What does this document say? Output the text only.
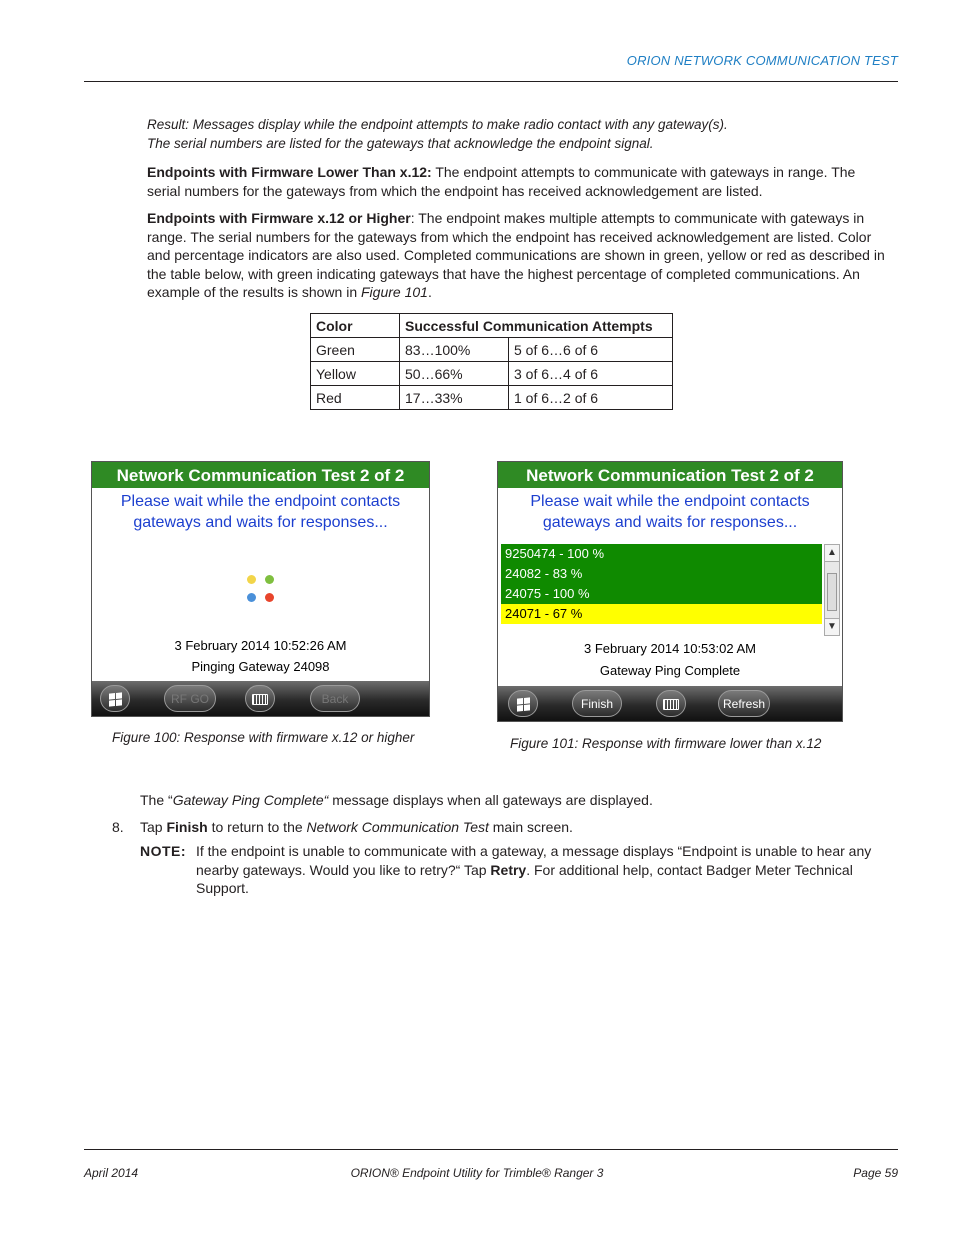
ORION NETWORK COMMUNICATION TEST
Result: Messages display while the endpoint attempts to make radio contact with any gateway(s).
The serial numbers are listed for the gateways that acknowledge the endpoint signal.
Endpoints with Firmware Lower Than x.12: The endpoint attempts to communicate with gateways in range. The serial numbers for the gateways from which the endpoint has received acknowledgement are listed.
Endpoints with Firmware x.12 or Higher: The endpoint makes multiple attempts to communicate with gateways in range. The serial numbers for the gateways from which the endpoint has received acknowledgement are listed. Color and percentage indicators are also used. Completed communications are shown in green, yellow or red as described in the table below, with green indicating gateways that have the highest percentage of completed communications. An example of the results is shown in Figure 101.
Color	Successful Communication Attempts	
Green	83…100%	5 of 6…6 of 6
Yellow	50…66%	3 of 6…4 of 6
Red	17…33%	1 of 6…2 of 6
Network Communication Test 2 of 2
Please wait while the endpoint contacts
gateways and waits for responses...
3 February 2014 10:52:26 AM
Pinging Gateway 24098
RF GO	Back
Figure 100: Response with firmware x.12 or higher
Network Communication Test 2 of 2
Please wait while the endpoint contacts
gateways and waits for responses...
9250474 - 100 %
24082 - 83 %
24075 - 100 %
24071 - 67 %
▲
▼
3 February 2014 10:53:02 AM
Gateway Ping Complete
Finish	Refresh
Figure 101: Response with firmware lower than x.12
The “Gateway Ping Complete“ message displays when all gateways are displayed.
8. Tap Finish to return to the Network Communication Test main screen.
NOTE: If the endpoint is unable to communicate with a gateway, a message displays “Endpoint is unable to hear any nearby gateways. Would you like to retry?“ Tap Retry. For additional help, contact Badger Meter Technical Support.
April 2014	ORION® Endpoint Utility for Trimble® Ranger 3	Page 59
